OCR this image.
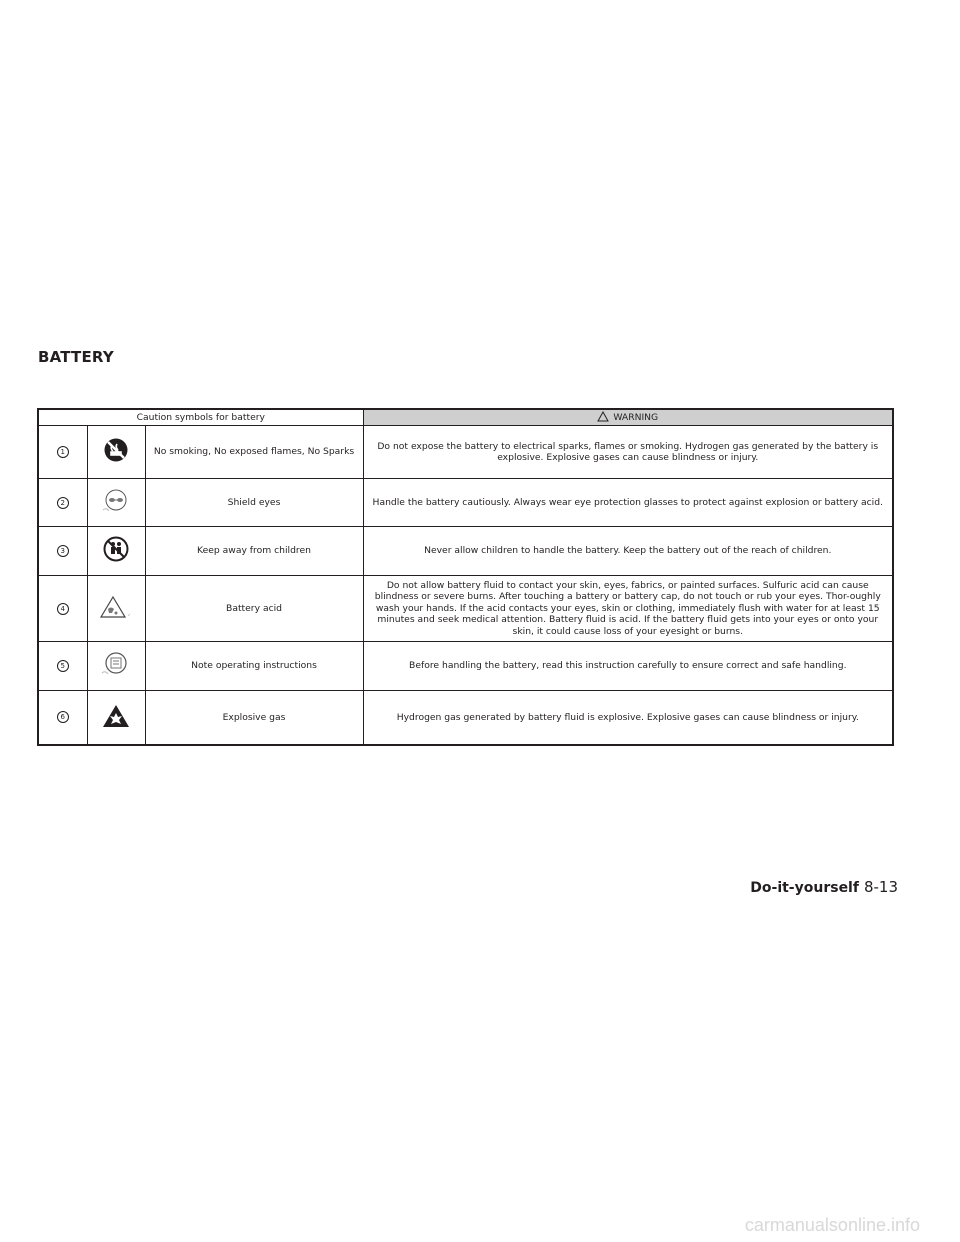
BATTERY
Caution symbols for battery			WARNING
1		No smoking, No exposed flames, No Sparks	Do not expose the battery to electrical sparks, flames or smoking. Hydrogen gas generated by the battery is explosive. Explosive gases can cause blindness or injury.
2		Shield eyes	Handle the battery cautiously. Always wear eye protection glasses to protect against explosion or battery acid.
3		Keep away from children	Never allow children to handle the battery. Keep the battery out of the reach of children.
4		Battery acid	Do not allow battery fluid to contact your skin, eyes, fabrics, or painted surfaces. Sulfuric acid can cause blindness or severe burns. After touching a battery or battery cap, do not touch or rub your eyes. Thor-oughly wash your hands. If the acid contacts your eyes, skin or clothing, immediately flush with water for at least 15 minutes and seek medical attention. Battery fluid is acid. If the battery fluid gets into your eyes or onto your skin, it could cause loss of your eyesight or burns.
5		Note operating instructions	Before handling the battery, read this instruction carefully to ensure correct and safe handling.
6		Explosive gas	Hydrogen gas generated by battery fluid is explosive. Explosive gases can cause blindness or injury.
Do-it-yourself 8-13
carmanualsonline.info
